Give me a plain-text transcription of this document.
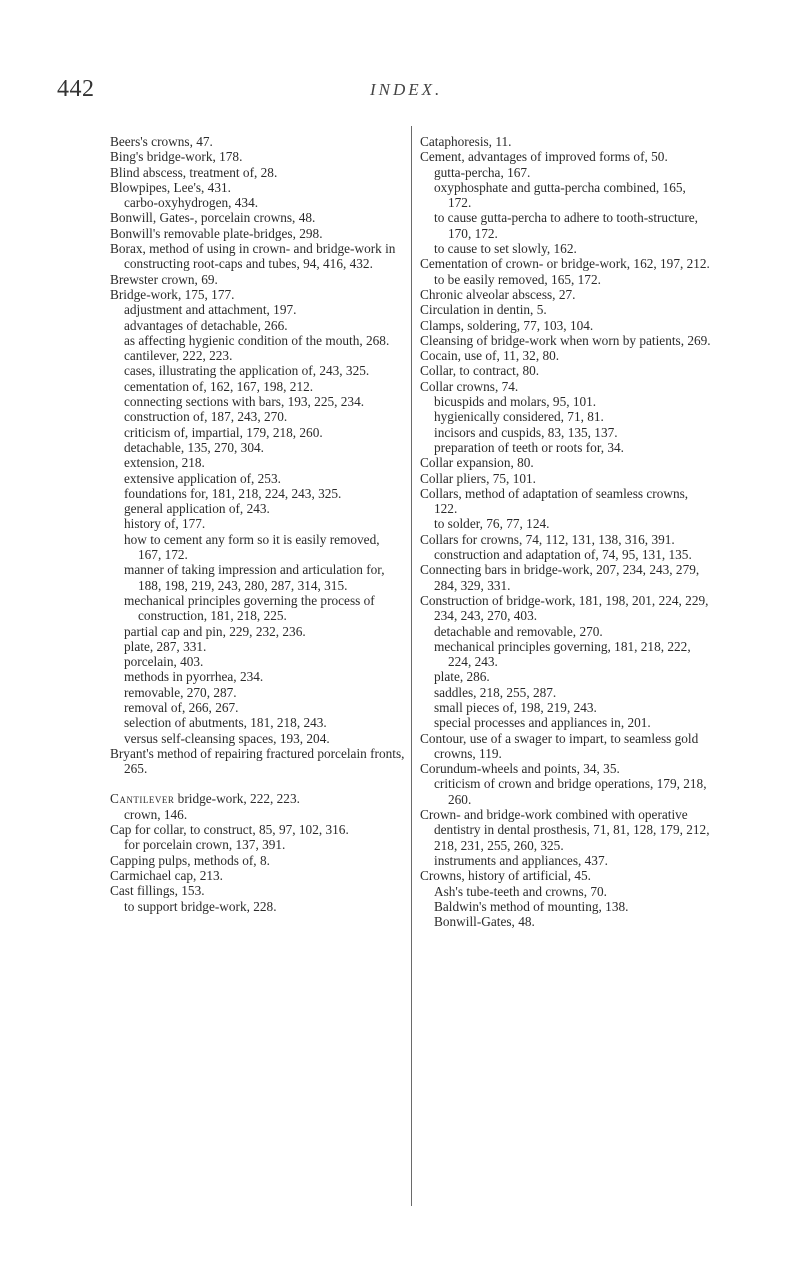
442	INDEX.

Beers's crowns, 47.

Bing's bridge-work, 178.

Blind abscess, treatment of, 28.

Blowpipes, Lee's, 431.

carbo-oxyhydrogen, 434.

Bonwill, Gates-, porcelain crowns, 48.

Bonwill's removable plate-bridges, 298.

Borax, method of using in crown- and bridge-work in constructing root-caps and tubes, 94, 416, 432.

Brewster crown, 69.

Bridge-work, 175, 177.

adjustment and attachment, 197.

advantages of detachable, 266.

as affecting hygienic condition of the mouth, 268.

cantilever, 222, 223.

cases, illustrating the application of, 243, 325.

cementation of, 162, 167, 198, 212.

connecting sections with bars, 193, 225, 234.

construction of, 187, 243, 270.

criticism of, impartial, 179, 218, 260.

detachable, 135, 270, 304.

extension, 218.

extensive application of, 253.

foundations for, 181, 218, 224, 243, 325.

general application of, 243.

history of, 177.

how to cement any form so it is easily removed, 167, 172.

manner of taking impression and articulation for, 188, 198, 219, 243, 280, 287, 314, 315.

mechanical principles governing the process of construction, 181, 218, 225.

partial cap and pin, 229, 232, 236.

plate, 287, 331.

porcelain, 403.

methods in pyorrhea, 234.

removable, 270, 287.

removal of, 266, 267.

selection of abutments, 181, 218, 243.

versus self-cleansing spaces, 193, 204.

Bryant's method of repairing fractured porcelain fronts, 265.

Cantilever bridge-work, 222, 223.

crown, 146.

Cap for collar, to construct, 85, 97, 102, 316.

for porcelain crown, 137, 391.

Capping pulps, methods of, 8.

Carmichael cap, 213.

Cast fillings, 153.

to support bridge-work, 228.

Cataphoresis, 11.

Cement, advantages of improved forms of, 50.

gutta-percha, 167.

oxyphosphate and gutta-percha combined, 165, 172.

to cause gutta-percha to adhere to tooth-structure, 170, 172.

to cause to set slowly, 162.

Cementation of crown- or bridge-work, 162, 197, 212.

to be easily removed, 165, 172.

Chronic alveolar abscess, 27.

Circulation in dentin, 5.

Clamps, soldering, 77, 103, 104.

Cleansing of bridge-work when worn by patients, 269.

Cocain, use of, 11, 32, 80.

Collar, to contract, 80.

Collar crowns, 74.

bicuspids and molars, 95, 101.

hygienically considered, 71, 81.

incisors and cuspids, 83, 135, 137.

preparation of teeth or roots for, 34.

Collar expansion, 80.

Collar pliers, 75, 101.

Collars, method of adaptation of seamless crowns, 122.

to solder, 76, 77, 124.

Collars for crowns, 74, 112, 131, 138, 316, 391.

construction and adaptation of, 74, 95, 131, 135.

Connecting bars in bridge-work, 207, 234, 243, 279, 284, 329, 331.

Construction of bridge-work, 181, 198, 201, 224, 229, 234, 243, 270, 403.

detachable and removable, 270.

mechanical principles governing, 181, 218, 222, 224, 243.

plate, 286.

saddles, 218, 255, 287.

small pieces of, 198, 219, 243.

special processes and appliances in, 201.

Contour, use of a swager to impart, to seamless gold crowns, 119.

Corundum-wheels and points, 34, 35.

criticism of crown and bridge operations, 179, 218, 260.

Crown- and bridge-work combined with operative dentistry in dental prosthesis, 71, 81, 128, 179, 212, 218, 231, 255, 260, 325.

instruments and appliances, 437.

Crowns, history of artificial, 45.

Ash's tube-teeth and crowns, 70.

Baldwin's method of mounting, 138.

Bonwill-Gates, 48.
